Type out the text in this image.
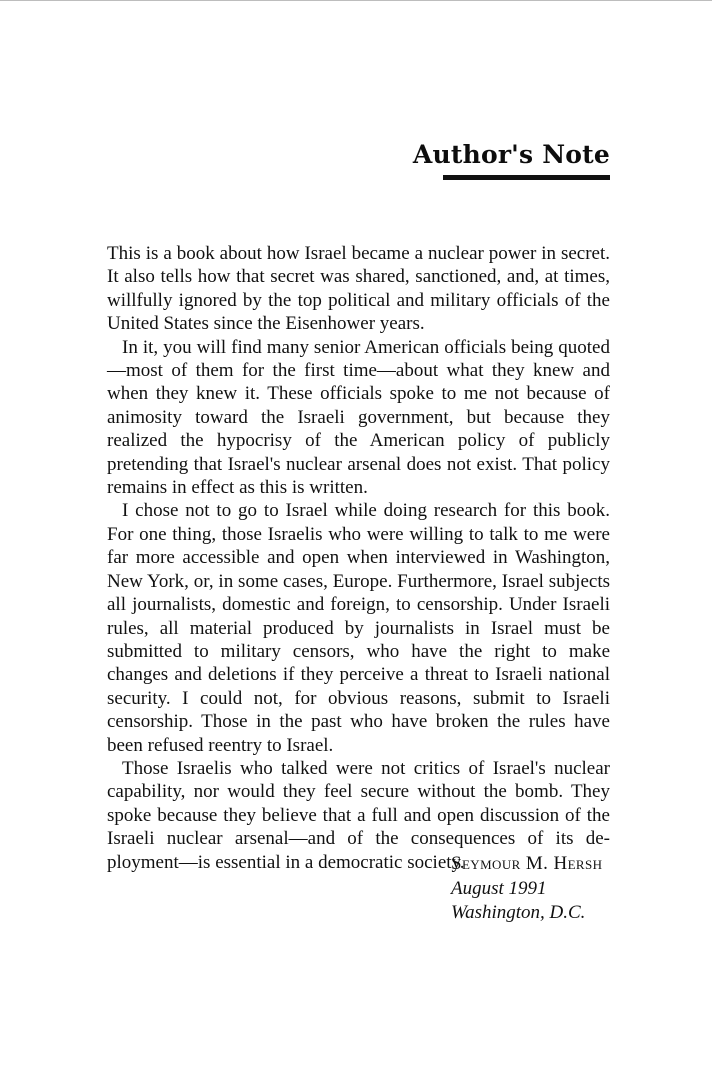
Author's Note

This is a book about how Israel became a nuclear power in secret. It also tells how that secret was shared, sanctioned, and, at times, willfully ignored by the top political and military officials of the United States since the Eisenhower years.

In it, you will find many senior American officials being quoted—most of them for the first time—about what they knew and when they knew it. These officials spoke to me not because of animosity toward the Israeli government, but because they realized the hypocrisy of the American policy of publicly pretending that Israel's nuclear arsenal does not exist. That policy remains in effect as this is written.

I chose not to go to Israel while doing research for this book. For one thing, those Israelis who were willing to talk to me were far more accessible and open when interviewed in Washington, New York, or, in some cases, Europe. Furthermore, Israel subjects all journalists, domestic and foreign, to censorship. Under Israeli rules, all material produced by journalists in Israel must be submitted to military censors, who have the right to make changes and deletions if they perceive a threat to Israeli national security. I could not, for obvious reasons, submit to Israeli censorship. Those in the past who have broken the rules have been refused reentry to Israel.

Those Israelis who talked were not critics of Israel's nuclear capability, nor would they feel secure without the bomb. They spoke because they believe that a full and open discussion of the Israeli nuclear arsenal—and of the consequences of its deployment—is essential in a democratic society.

Seymour M. Hersh
August 1991
Washington, D.C.
